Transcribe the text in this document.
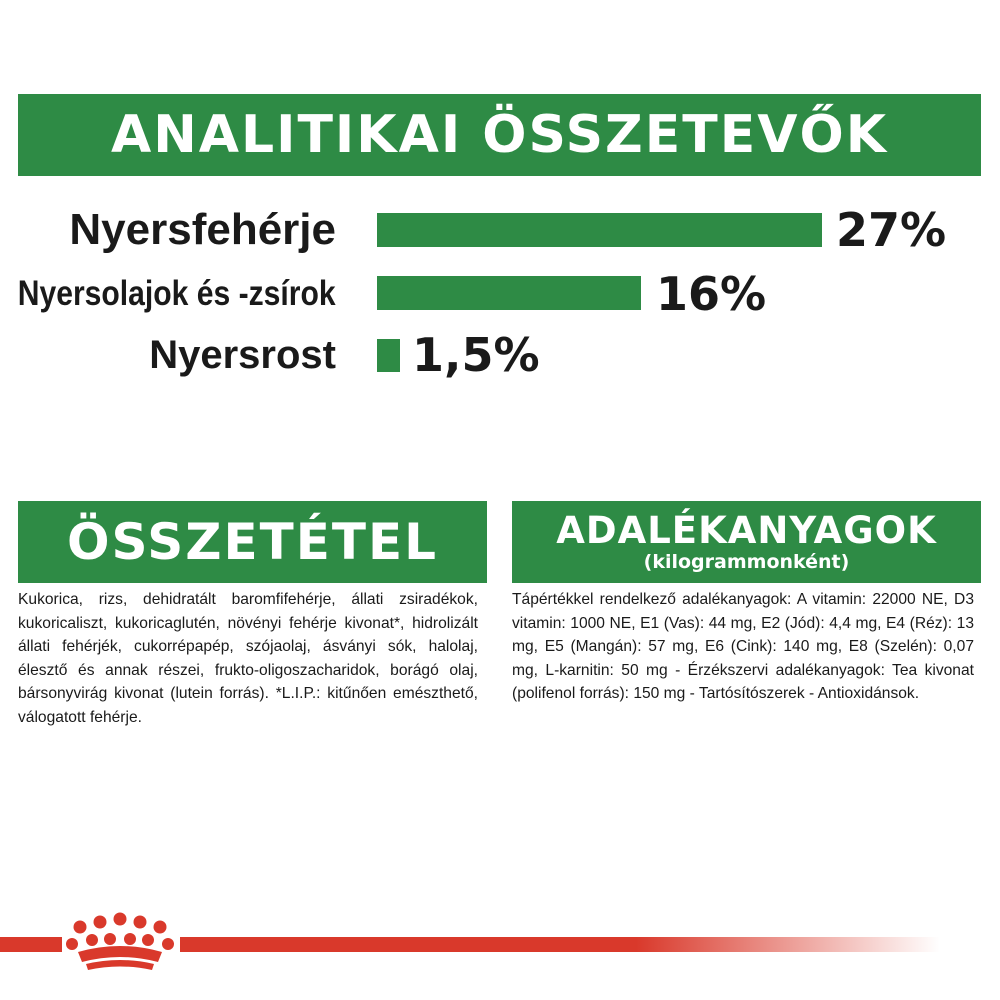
ANALITIKAI ÖSSZETEVŐK
Nyersfehérje	27%
Nyersolajok és -zsírok	16%
Nyersrost 1,5%
ÖSSZETÉTEL
Kukorica, rizs, dehidratált baromfifehérje, állati zsiradékok, kukoricaliszt, kukoricaglutén, növényi fehérje kivonat*, hidrolizált állati fehérjék, cukorrépapép, szójaolaj, ásványi sók, halolaj, élesztő és annak részei, frukto-oligoszacharidok, borágó olaj, bársonyvirág kivonat (lutein forrás). *L.I.P.: kitűnően emészthető, válogatott fehérje.
ADALÉKANYAGOK
(kilogrammonként)
Tápértékkel rendelkező adalékanyagok: A vitamin: 22000 NE, D3 vitamin: 1000 NE, E1 (Vas): 44 mg, E2 (Jód): 4,4 mg, E4 (Réz): 13 mg, E5 (Mangán): 57 mg, E6 (Cink): 140 mg, E8 (Szelén): 0,07 mg, L-karnitin: 50 mg - Érzékszervi adalékanyagok: Tea kivonat (polifenol forrás): 150 mg - Tartósítószerek - Antioxidánsok.
